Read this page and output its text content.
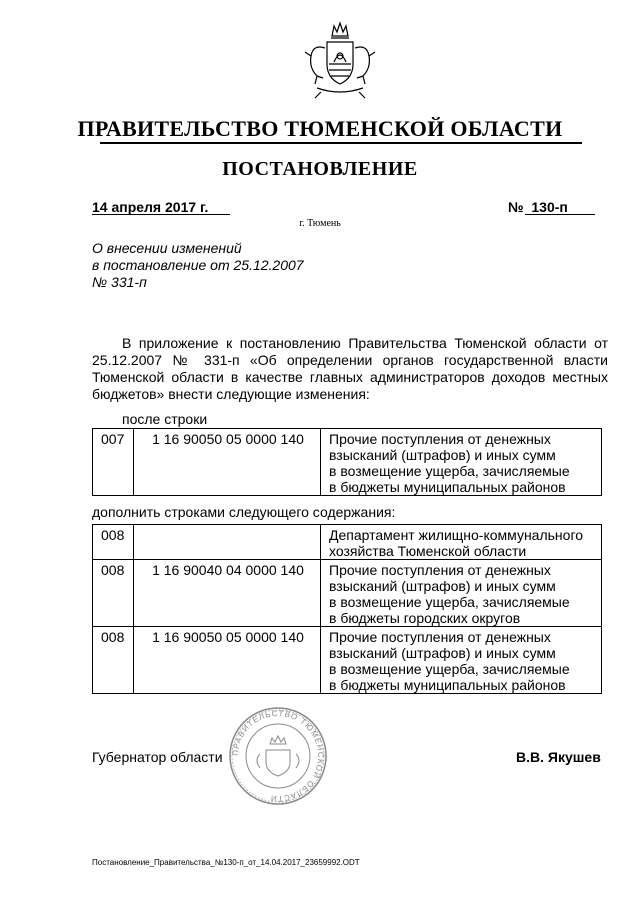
ПРАВИТЕЛЬСТВО ТЮМЕНСКОЙ ОБЛАСТИ
ПОСТАНОВЛЕНИЕ
14 апреля 2017 г.	№  130-п
г. Тюмень
О внесении изменений
в постановление от 25.12.2007
№ 331-п
В приложение к постановлению Правительства Тюменской области от 25.12.2007 № 331-п «Об определении органов государственной власти Тюменской области в качестве главных администраторов доходов местных бюджетов» внести следующие изменения:
после строки
007	1 16 90050 05 0000 140	Прочие поступления от денежных
взысканий (штрафов) и иных сумм
в возмещение ущерба, зачисляемые
в бюджеты муниципальных районов
дополнить строками следующего содержания:
008		Департамент жилищно-коммунального
хозяйства Тюменской области

008	1 16 90040 04 0000 140	Прочие поступления от денежных
взысканий (штрафов) и иных сумм
в возмещение ущерба, зачисляемые
в бюджеты городских округов

008	1 16 90050 05 0000 140	Прочие поступления от денежных
взысканий (штрафов) и иных сумм
в возмещение ущерба, зачисляемые
в бюджеты муниципальных районов
ПРАВИТЕЛЬСТВО ТЮМЕНСКОЙ ОБЛАСТИ
Губернатор области	В.В. Якушев
Постановление_Правительства_№130-п_от_14.04.2017_23659992.ODT
